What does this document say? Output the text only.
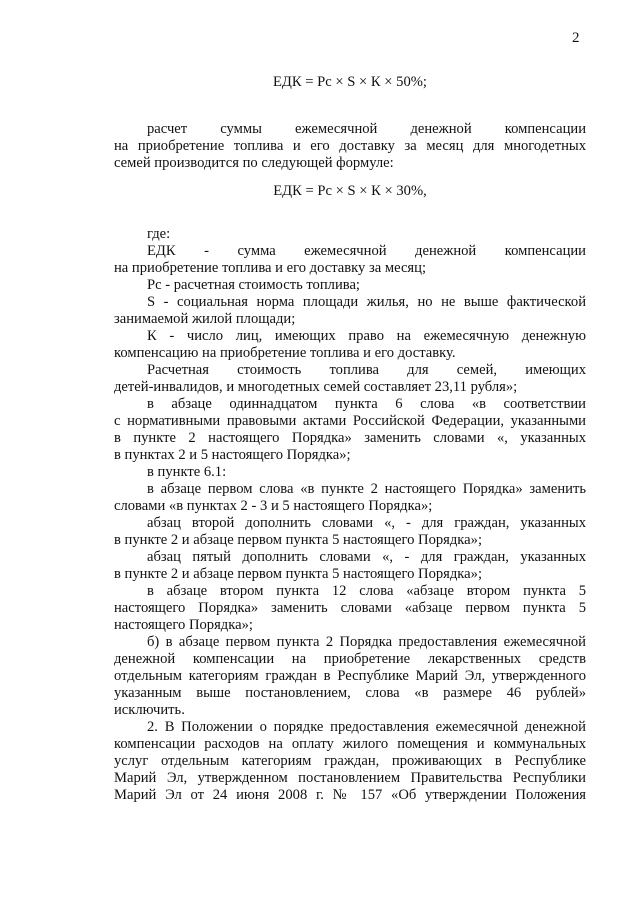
2
ЕДК = Рс × S × К × 50%;
расчет суммы ежемесячной денежной компенсации
на приобретение топлива и его доставку за месяц для многодетных
семей производится по следующей формуле:
ЕДК = Рс × S × К × 30%,
где:
ЕДК - сумма ежемесячной денежной компенсации
на приобретение топлива и его доставку за месяц;
Рс - расчетная стоимость топлива;
S - социальная норма площади жилья, но не выше фактической
занимаемой жилой площади;
К - число лиц, имеющих право на ежемесячную денежную
компенсацию на приобретение топлива и его доставку.
Расчетная стоимость топлива для семей, имеющих
детей-инвалидов, и многодетных семей составляет 23,11 рубля»;
в абзаце одиннадцатом пункта 6 слова «в соответствии
с нормативными правовыми актами Российской Федерации, указанными
в пункте 2 настоящего Порядка» заменить словами «, указанных
в пунктах 2 и 5 настоящего Порядка»;
в пункте 6.1:
в абзаце первом слова «в пункте 2 настоящего Порядка» заменить
словами «в пунктах 2 - 3 и 5 настоящего Порядка»;
абзац второй дополнить словами «, - для граждан, указанных
в пункте 2 и абзаце первом пункта 5 настоящего Порядка»;
абзац пятый дополнить словами «, - для граждан, указанных
в пункте 2 и абзаце первом пункта 5 настоящего Порядка»;
в абзаце втором пункта 12 слова «абзаце втором пункта 5
настоящего Порядка» заменить словами «абзаце первом пункта 5
настоящего Порядка»;
б) в абзаце первом пункта 2 Порядка предоставления ежемесячной
денежной компенсации на приобретение лекарственных средств
отдельным категориям граждан в Республике Марий Эл, утвержденного
указанным выше постановлением, слова «в размере 46 рублей»
исключить.
2. В Положении о порядке предоставления ежемесячной денежной
компенсации расходов на оплату жилого помещения и коммунальных
услуг отдельным категориям граждан, проживающих в Республике
Марий Эл, утвержденном постановлением Правительства Республики
Марий Эл от 24 июня 2008 г. № 157 «Об утверждении Положения
